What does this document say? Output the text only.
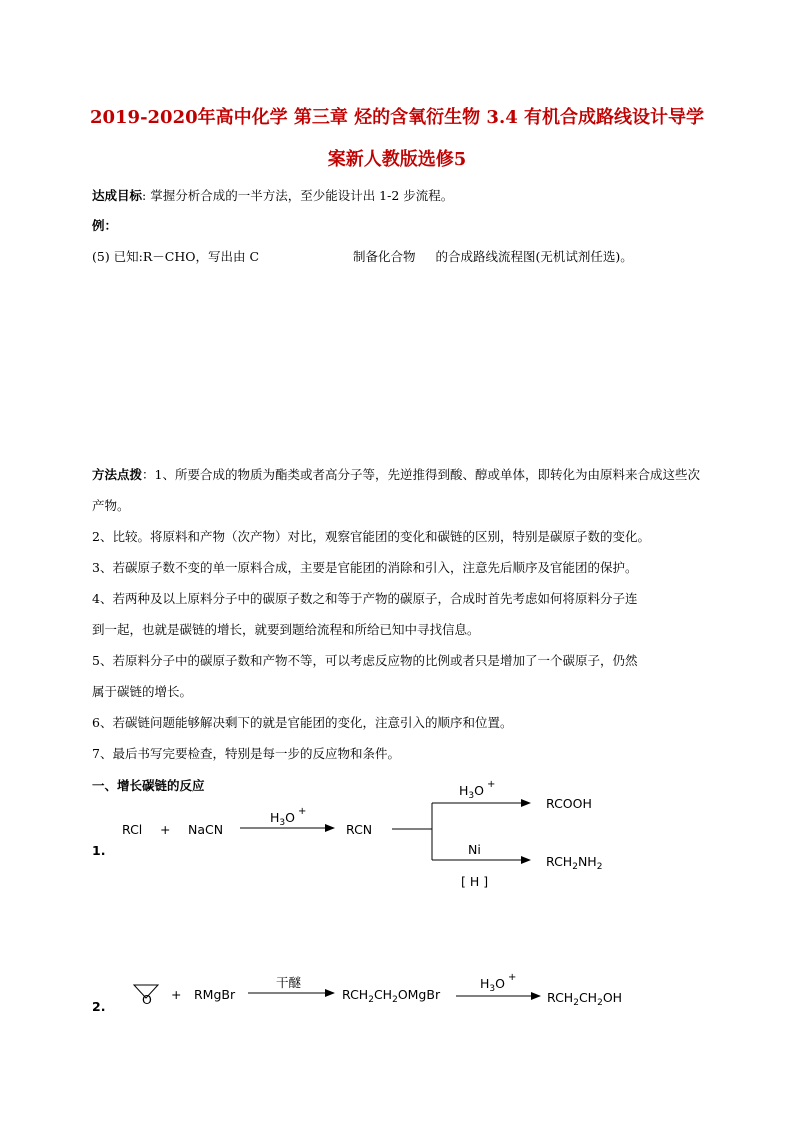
2019-2020年高中化学 第三章 烃的含氧衍生物 3.4 有机合成路线设计导学
案新人教版选修5
达成目标: 掌握分析合成的一半方法，至少能设计出 1-2 步流程。
例：
(5) 已知:R－CHO，写出由 C	制备化合物 的合成路线流程图(无机试剂任选)。
方法点拨：1、所要合成的物质为酯类或者高分子等，先逆推得到酸、醇或单体，即转化为由原料来合成这些次产物。
2、比较。将原料和产物（次产物）对比，观察官能团的变化和碳链的区别，特别是碳原子数的变化。
3、若碳原子数不变的单一原料合成，主要是官能团的消除和引入，注意先后顺序及官能团的保护。
4、若两种及以上原料分子中的碳原子数之和等于产物的碳原子，合成时首先考虑如何将原料分子连
到一起，也就是碳链的增长，就要到题给流程和所给已知中寻找信息。
5、若原料分子中的碳原子数和产物不等，可以考虑反应物的比例或者只是增加了一个碳原子，仍然
属于碳链的增长。
6、若碳链问题能够解决剩下的就是官能团的变化，注意引入的顺序和位置。
7、最后书写完要检查，特别是每一步的反应物和条件。
一、增长碳链的反应
1.
RCl + NaCN
$H_3O$ +
RCN
$H_3O$ +
RCOOH
Ni
[ H ]
$RCH_2NH_2$
2.	O + RMgBr
干醚
$RCH_2CH_2OMgBr$
$H_3O$ +
$RCH_2CH_2OH$
